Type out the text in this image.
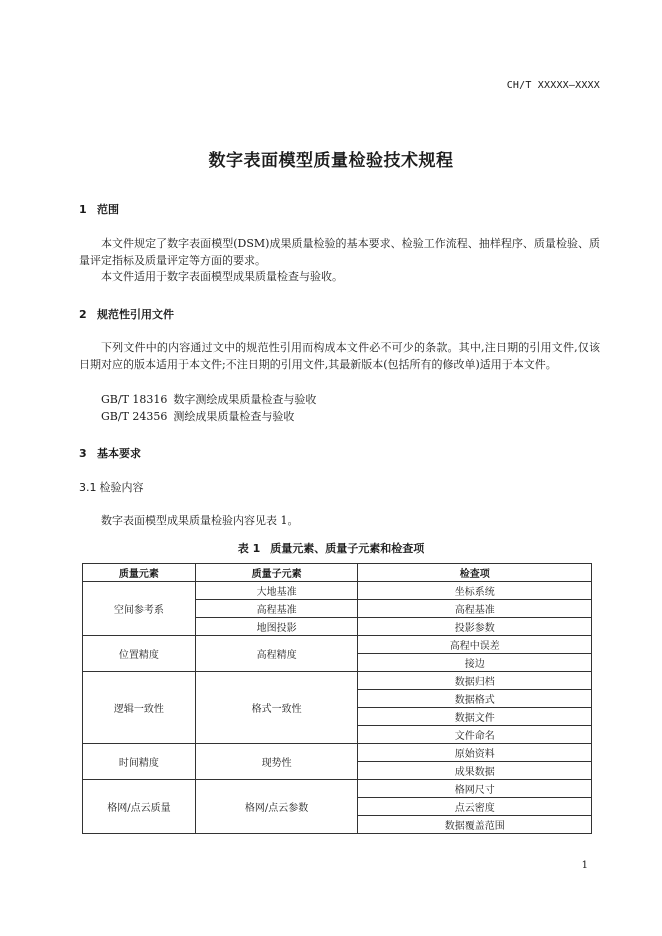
CH/T XXXXX—XXXX
数字表面模型质量检验技术规程
1 范围

本文件规定了数字表面模型(DSM)成果质量检验的基本要求、检验工作流程、抽样程序、质量检验、质量评定指标及质量评定等方面的要求。

本文件适用于数字表面模型成果质量检查与验收。

2 规范性引用文件

下列文件中的内容通过文中的规范性引用而构成本文件必不可少的条款。其中,注日期的引用文件,仅该日期对应的版本适用于本文件;不注日期的引用文件,其最新版本(包括所有的修改单)适用于本文件。

GB/T 18316 数字测绘成果质量检查与验收
GB/T 24356 测绘成果质量检查与验收
3 基本要求
3.1 检验内容

数字表面模型成果质量检验内容见表 1。

表 1 质量元素、质量子元素和检查项
质量元素	质量子元素	检查项
空间参考系	大地基准	坐标系统
	高程基准	高程基准
	地图投影	投影参数
位置精度	高程精度	高程中误差
		接边
逻辑一致性	格式一致性	数据归档
		数据格式
		数据文件
		文件命名
时间精度	现势性	原始资料
		成果数据
格网/点云质量	格网/点云参数	格网尺寸
		点云密度
		数据覆盖范围
1
